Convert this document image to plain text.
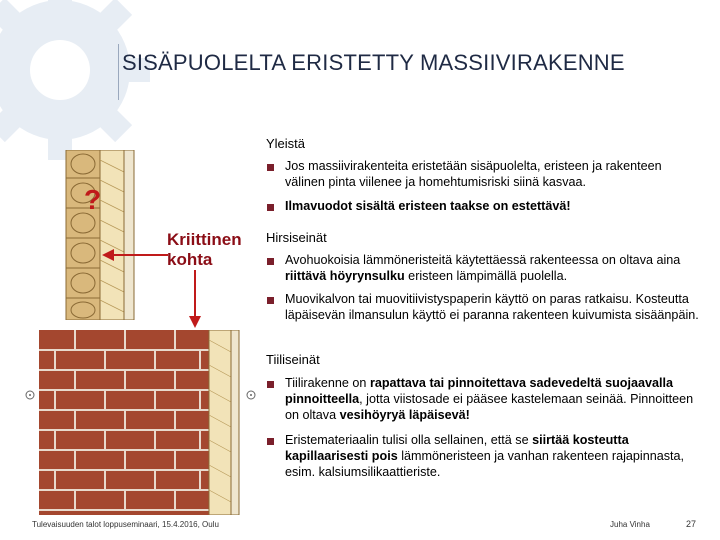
SISÄPUOLELTA ERISTETTY MASSIIVIRAKENNE
?
Kriittinen
kohta
Yleistä
Jos massiivirakenteita eristetään sisäpuolelta, eristeen ja rakenteen välinen pinta viilenee ja homehtumisriski siinä kasvaa.
Ilmavuodot sisältä eristeen taakse on estettävä!
Hirsiseinät
Avohuokoisia lämmöneristeitä käytettäessä rakenteessa on oltava aina riittävä höyrynsulku eristeen lämpimällä puolella.
Muovikalvon tai muovitiivistyspaperin käyttö on paras ratkaisu. Kosteutta läpäisevän ilmansulun käyttö ei paranna rakenteen kuivumista sisäänpäin.
Tiiliseinät
Tiilirakenne on rapattava tai pinnoitettava sadevedeltä suojaavalla pinnoitteella, jotta viistosade ei pääsee kastelemaan seinää. Pinnoitteen on oltava vesihöyryä läpäisevä!
Eristemateriaalin tulisi olla sellainen, että se siirtää kosteutta kapillaarisesti pois lämmöneristeen ja vanhan rakenteen rajapinnasta, esim. kalsiumsilikaattieriste.
Tulevaisuuden talot loppuseminaari, 15.4.2016, Oulu	Juha Vinha	27
